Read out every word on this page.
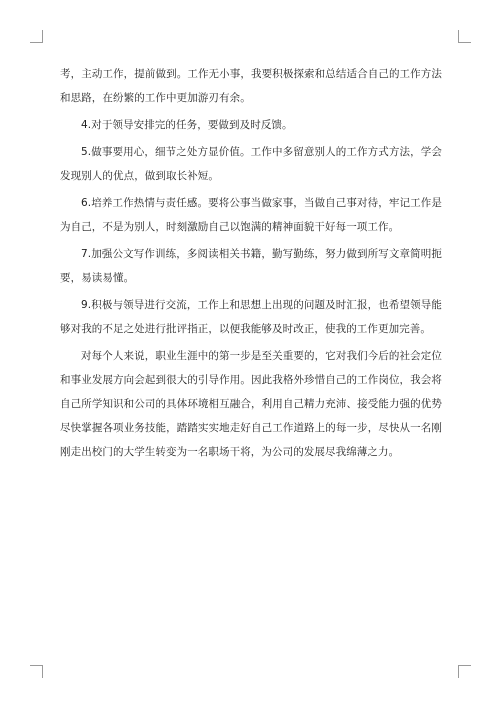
考，主动工作，提前做到。工作无小事，我要积极探索和总结适合自己的工作方法和思路，在纷繁的工作中更加游刃有余。

4.对于领导安排完的任务，要做到及时反馈。

5.做事要用心，细节之处方显价值。工作中多留意别人的工作方式方法，学会发现别人的优点，做到取长补短。

6.培养工作热情与责任感。要将公事当做家事，当做自己事对待，牢记工作是为自己，不是为别人，时刻激励自己以饱满的精神面貌干好每一项工作。

7.加强公文写作训练，多阅读相关书籍，勤写勤练，努力做到所写文章简明扼要，易读易懂。

9.积极与领导进行交流，工作上和思想上出现的问题及时汇报，也希望领导能够对我的不足之处进行批评指正，以便我能够及时改正，使我的工作更加完善。

对每个人来说，职业生涯中的第一步是至关重要的，它对我们今后的社会定位和事业发展方向会起到很大的引导作用。因此我格外珍惜自己的工作岗位，我会将自己所学知识和公司的具体环境相互融合，利用自己精力充沛、接受能力强的优势尽快掌握各项业务技能，踏踏实实地走好自己工作道路上的每一步，尽快从一名刚刚走出校门的大学生转变为一名职场干将，为公司的发展尽我绵薄之力。
